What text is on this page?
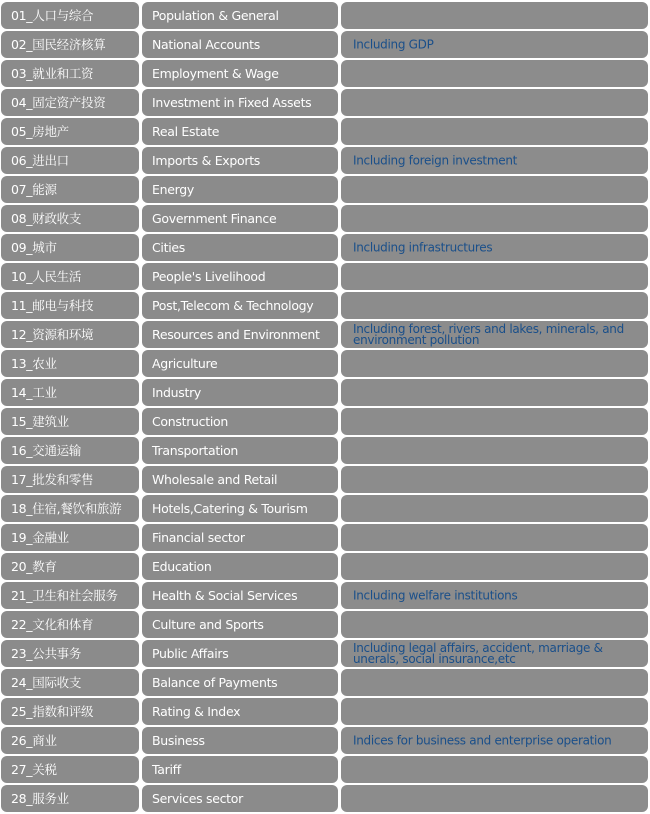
01_人口与综合	Population & General
02_国民经济核算	National Accounts	Including GDP
03_就业和工资	Employment & Wage
04_固定资产投资	Investment in Fixed Assets
05_房地产	Real Estate
06_进出口	Imports & Exports	Including foreign investment
07_能源	Energy
08_财政收支	Government Finance
09_城市	Cities	Including infrastructures
10_人民生活	People's Livelihood
11_邮电与科技	Post,Telecom & Technology
12_资源和环境	Resources and Environment	Including forest, rivers and lakes, minerals, and environment pollution
13_农业	Agriculture
14_工业	Industry
15_建筑业	Construction
16_交通运输	Transportation
17_批发和零售	Wholesale and Retail
18_住宿,餐饮和旅游 Hotels,Catering & Tourism
19_金融业	Financial sector
20_教育	Education
21_卫生和社会服务	Health & Social Services	Including welfare institutions
22_文化和体育	Culture and Sports
23_公共事务	Public Affairs	Including legal affairs, accident, marriage & unerals, social insurance,etc
24_国际收支	Balance of Payments
25_指数和评级	Rating & Index
26_商业	Business	Indices for business and enterprise operation
27_关税	Tariff
28_服务业	Services sector
